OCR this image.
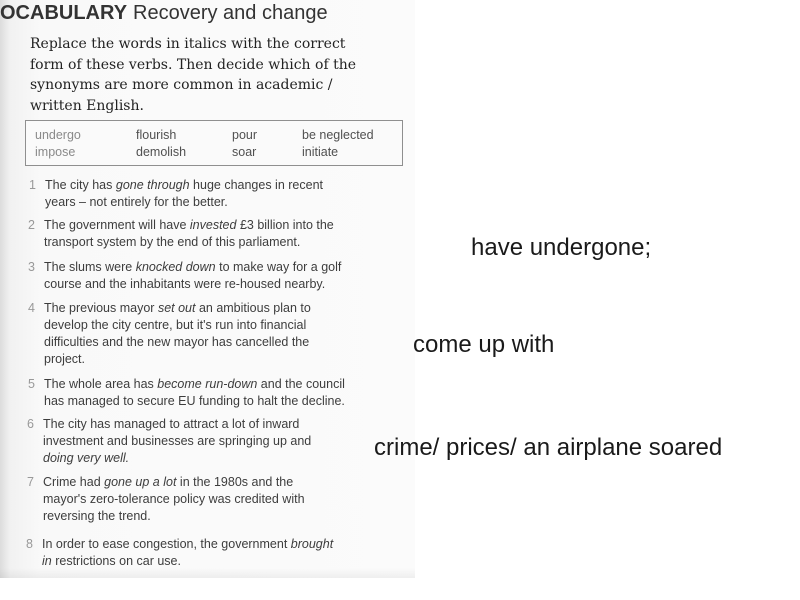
OCABULARY Recovery and change
Replace the words in italics with the correct
form of these verbs. Then decide which of the
synonyms are more common in academic /
written English.
undergo
impose
flourish
demolish
pour
soar
be neglected
initiate
1 The city has gone through huge changes in recent
years – not entirely for the better.
2 The government will have invested £3 billion into the
transport system by the end of this parliament.
3 The slums were knocked down to make way for a golf
course and the inhabitants were re-housed nearby.
4 The previous mayor set out an ambitious plan to
develop the city centre, but it's run into financial
difficulties and the new mayor has cancelled the
project.
5 The whole area has become run-down and the council
has managed to secure EU funding to halt the decline.
6 The city has managed to attract a lot of inward
investment and businesses are springing up and
doing very well.
7 Crime had gone up a lot in the 1980s and the
mayor's zero-tolerance policy was credited with
reversing the trend.
8 In order to ease congestion, the government brought
in restrictions on car use.
have undergone;
come up with
crime/ prices/ an airplane soared
